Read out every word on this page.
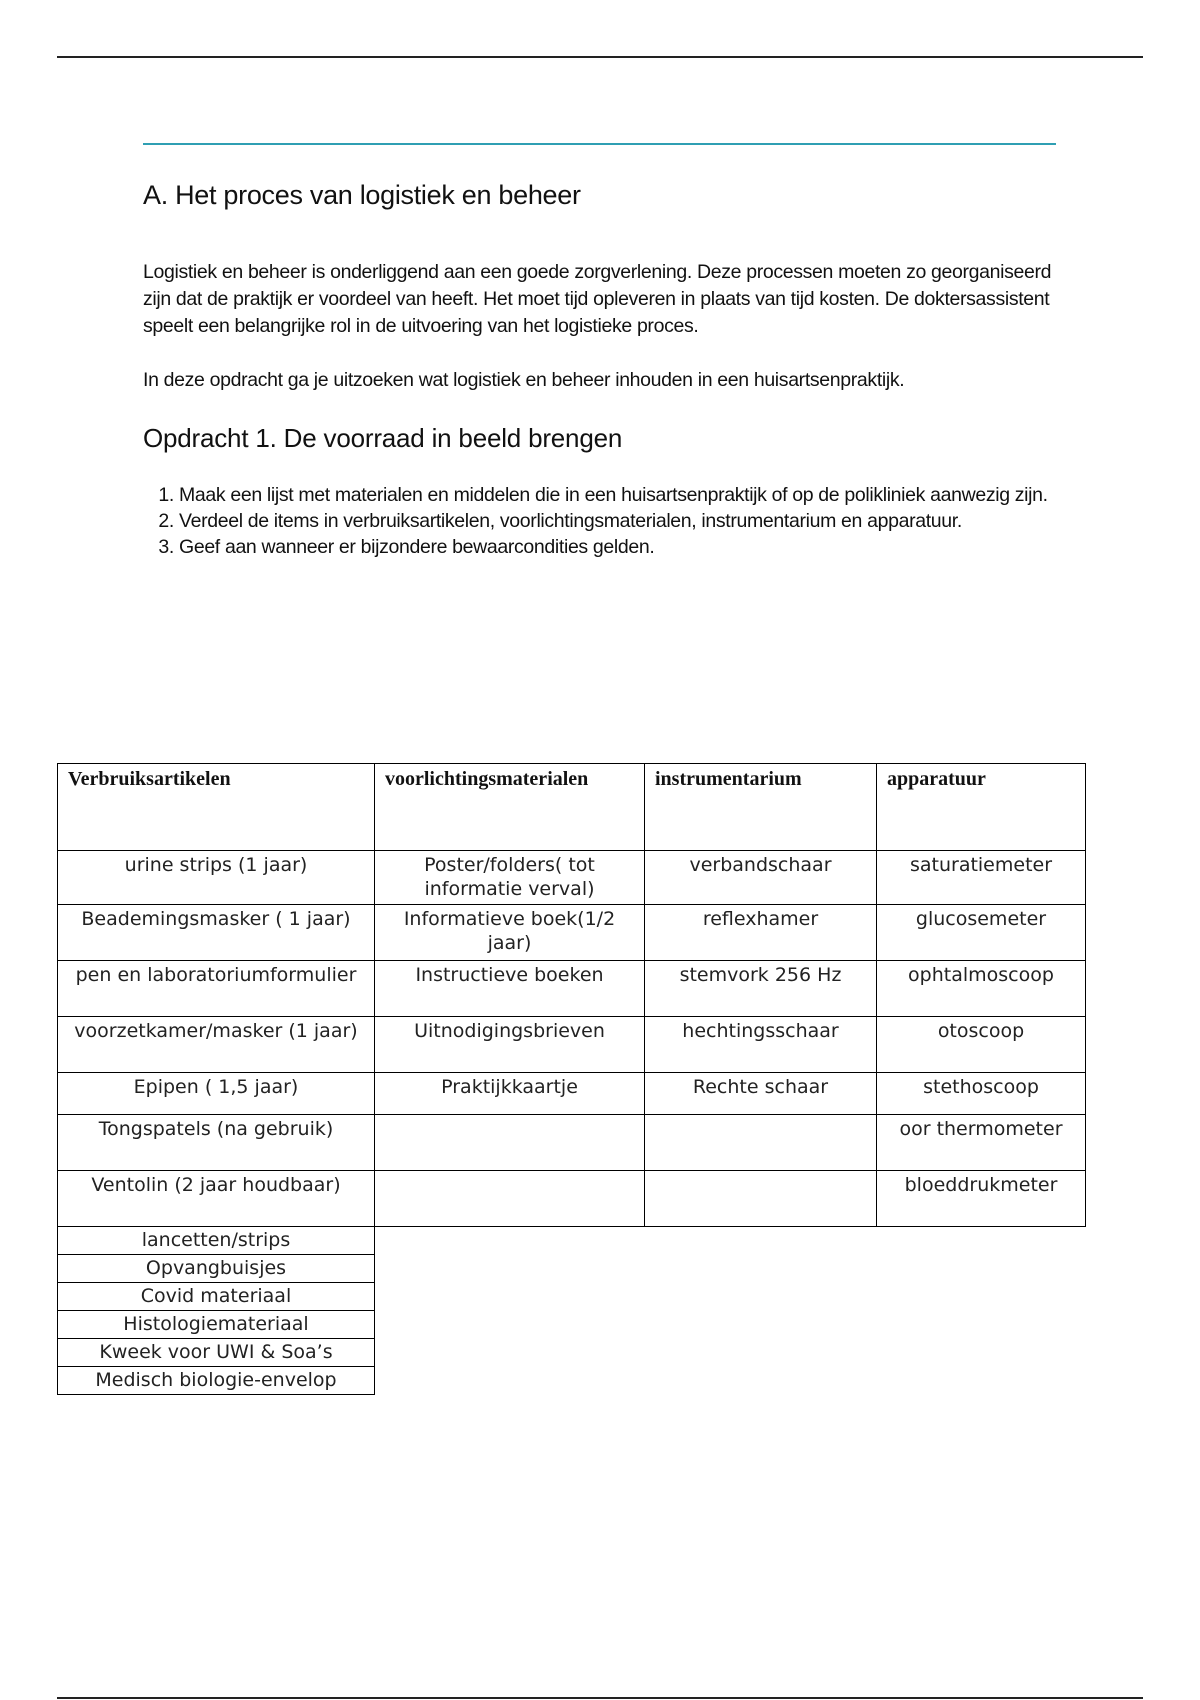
A. Het proces van logistiek en beheer

Logistiek en beheer is onderliggend aan een goede zorgverlening. Deze processen moeten zo georganiseerd zijn dat de praktijk er voordeel van heeft. Het moet tijd opleveren in plaats van tijd kosten. De doktersassistent speelt een belangrijke rol in de uitvoering van het logistieke proces.

In deze opdracht ga je uitzoeken wat logistiek en beheer inhouden in een huisartsenpraktijk.

Opdracht 1. De voorraad in beeld brengen
1. Maak een lijst met materialen en middelen die in een huisartsenpraktijk of op de polikliniek aanwezig zijn.
2. Verdeel de items in verbruiksartikelen, voorlichtingsmaterialen, instrumentarium en apparatuur.
3. Geef aan wanneer er bijzondere bewaarcondities gelden.
Verbruiksartikelen	voorlichtingsmaterialen	instrumentarium	apparatuur
urine strips (1 jaar)	Poster/folders( tot informatie verval)	verbandschaar	saturatiemeter
Beademingsmasker ( 1 jaar)	Informatieve boek(1/2 jaar)	reflexhamer	glucosemeter
pen en laboratoriumformulier	Instructieve boeken	stemvork 256 Hz	ophtalmoscoop
voorzetkamer/masker (1 jaar)	Uitnodigingsbrieven	hechtingsschaar	otoscoop
Epipen ( 1,5 jaar)	Praktijkkaartje	Rechte schaar	stethoscoop
Tongspatels (na gebruik)			oor thermometer
Ventolin (2 jaar houdbaar)			bloeddrukmeter
lancetten/strips			
Opvangbuisjes			
Covid materiaal			
Histologiemateriaal			
Kweek voor UWI & Soa’s			
Medisch biologie-envelop			
